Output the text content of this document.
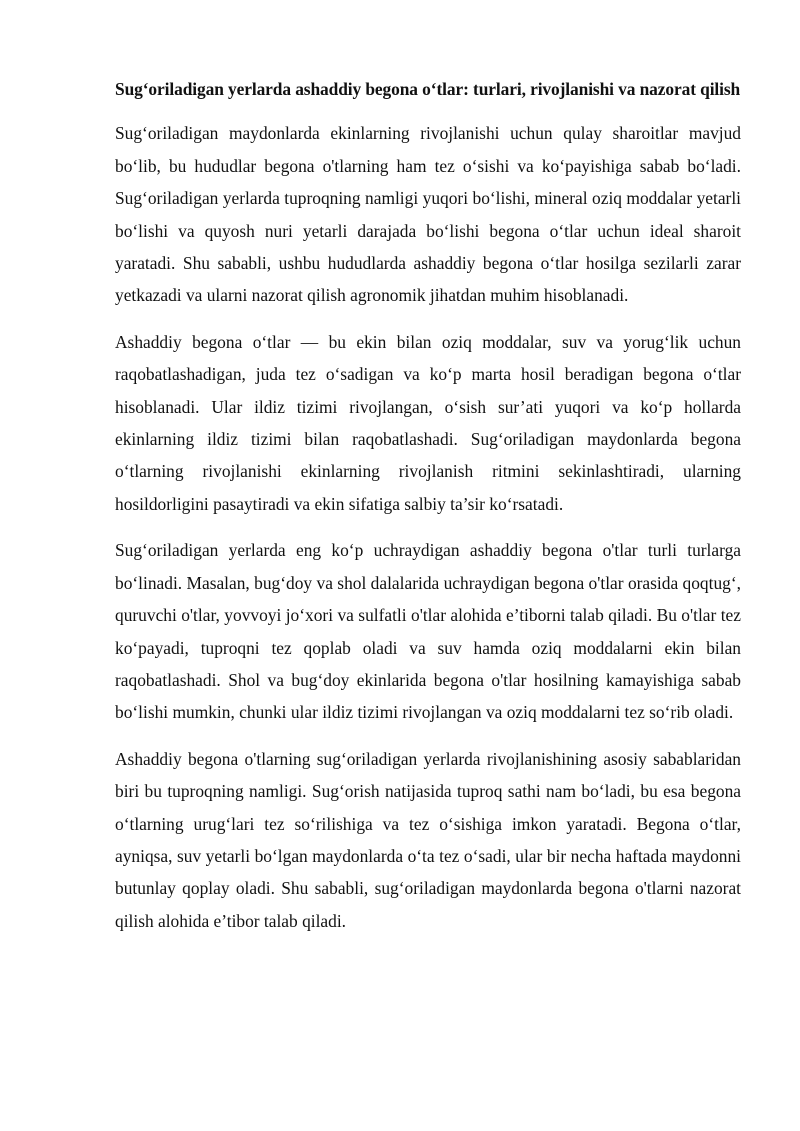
Sug‘oriladigan yerlarda ashaddiy begona o‘tlar: turlari, rivojlanishi va nazorat qilish

Sug‘oriladigan maydonlarda ekinlarning rivojlanishi uchun qulay sharoitlar mavjud bo‘lib, bu hududlar begona o'tlarning ham tez o‘sishi va ko‘payishiga sabab bo‘ladi. Sug‘oriladigan yerlarda tuproqning namligi yuqori bo‘lishi, mineral oziq moddalar yetarli bo‘lishi va quyosh nuri yetarli darajada bo‘lishi begona o‘tlar uchun ideal sharoit yaratadi. Shu sababli, ushbu hududlarda ashaddiy begona o‘tlar hosilga sezilarli zarar yetkazadi va ularni nazorat qilish agronomik jihatdan muhim hisoblanadi.

Ashaddiy begona o‘tlar — bu ekin bilan oziq moddalar, suv va yorug‘lik uchun raqobatlashadigan, juda tez o‘sadigan va ko‘p marta hosil beradigan begona o‘tlar hisoblanadi. Ular ildiz tizimi rivojlangan, o‘sish sur’ati yuqori va ko‘p hollarda ekinlarning ildiz tizimi bilan raqobatlashadi. Sug‘oriladigan maydonlarda begona o‘tlarning rivojlanishi ekinlarning rivojlanish ritmini sekinlashtiradi, ularning hosildorligini pasaytiradi va ekin sifatiga salbiy ta’sir ko‘rsatadi.

Sug‘oriladigan yerlarda eng ko‘p uchraydigan ashaddiy begona o'tlar turli turlarga bo‘linadi. Masalan, bug‘doy va shol dalalarida uchraydigan begona o'tlar orasida qoqtug‘, quruvchi o'tlar, yovvoyi jo‘xori va sulfatli o'tlar alohida e’tiborni talab qiladi. Bu o'tlar tez ko‘payadi, tuproqni tez qoplab oladi va suv hamda oziq moddalarni ekin bilan raqobatlashadi. Shol va bug‘doy ekinlarida begona o'tlar hosilning kamayishiga sabab bo‘lishi mumkin, chunki ular ildiz tizimi rivojlangan va oziq moddalarni tez so‘rib oladi.

Ashaddiy begona o'tlarning sug‘oriladigan yerlarda rivojlanishining asosiy sabablaridan biri bu tuproqning namligi. Sug‘orish natijasida tuproq sathi nam bo‘ladi, bu esa begona o‘tlarning urug‘lari tez so‘rilishiga va tez o‘sishiga imkon yaratadi. Begona o‘tlar, ayniqsa, suv yetarli bo‘lgan maydonlarda o‘ta tez o‘sadi, ular bir necha haftada maydonni butunlay qoplay oladi. Shu sababli, sug‘oriladigan maydonlarda begona o'tlarni nazorat qilish alohida e’tibor talab qiladi.
